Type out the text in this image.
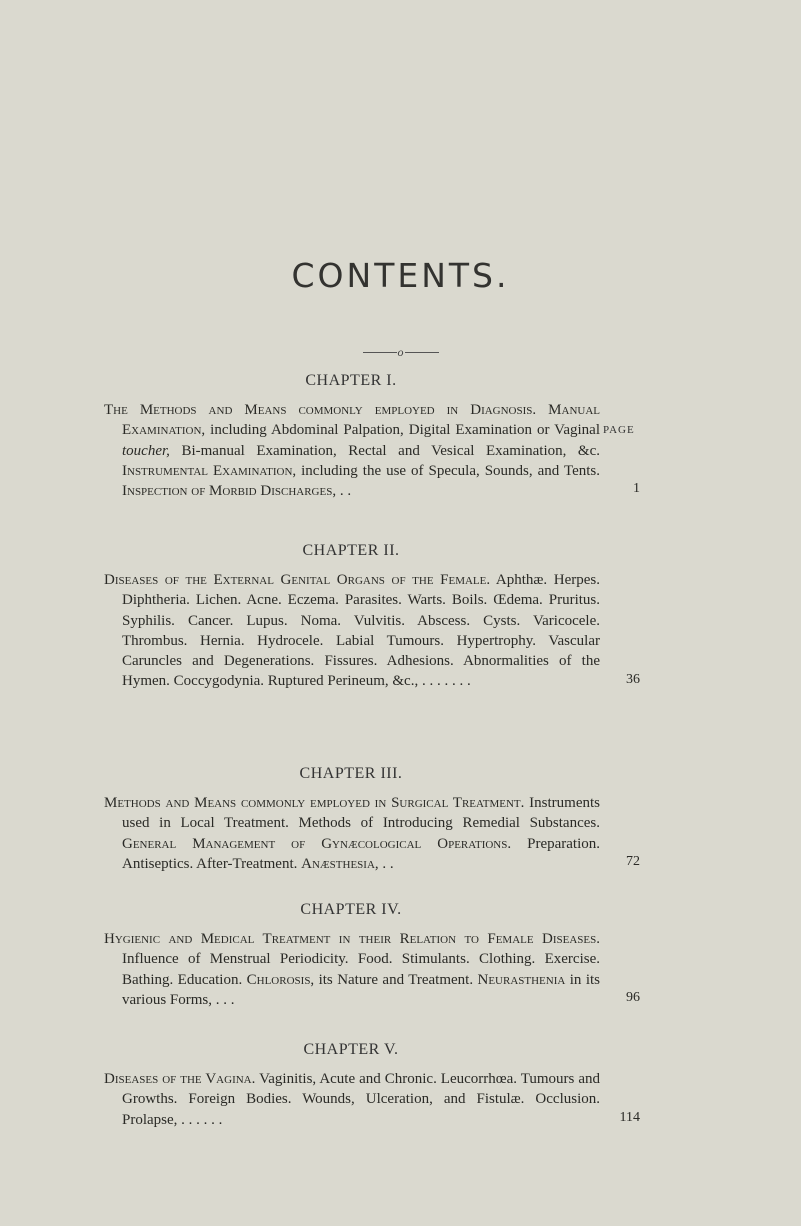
CONTENTS.
o
PAGE
CHAPTER I.
The Methods and Means commonly employed in Diagnosis. Manual Examination, including Abdominal Palpation, Digital Examination or Vaginal toucher, Bi-manual Examination, Rectal and Vesical Examination, &c. Instrumental Examination, including the use of Specula, Sounds, and Tents. Inspection of Morbid Discharges, . .	1
CHAPTER II.
Diseases of the External Genital Organs of the Female. Aphthæ. Herpes. Diphtheria. Lichen. Acne. Eczema. Parasites. Warts. Boils. Œdema. Pruritus. Syphilis. Cancer. Lupus. Noma. Vulvitis. Abscess. Cysts. Varicocele. Thrombus. Hernia. Hydrocele. Labial Tumours. Hypertrophy. Vascular Caruncles and Degenerations. Fissures. Adhesions. Abnormalities of the Hymen. Coccygodynia. Ruptured Perineum, &c., . . . . . . .	36
CHAPTER III.
Methods and Means commonly employed in Surgical Treatment. Instruments used in Local Treatment. Methods of Introducing Remedial Substances. General Management of Gynæcological Operations. Preparation. Antiseptics. After-Treatment. Anæsthesia, . .	72
CHAPTER IV.
Hygienic and Medical Treatment in their Relation to Female Diseases. Influence of Menstrual Periodicity. Food. Stimulants. Clothing. Exercise. Bathing. Education. Chlorosis, its Nature and Treatment. Neurasthenia in its various Forms, . . .	96
CHAPTER V.
Diseases of the Vagina. Vaginitis, Acute and Chronic. Leucorrhœa. Tumours and Growths. Foreign Bodies. Wounds, Ulceration, and Fistulæ. Occlusion. Prolapse, . . . . . .	114
